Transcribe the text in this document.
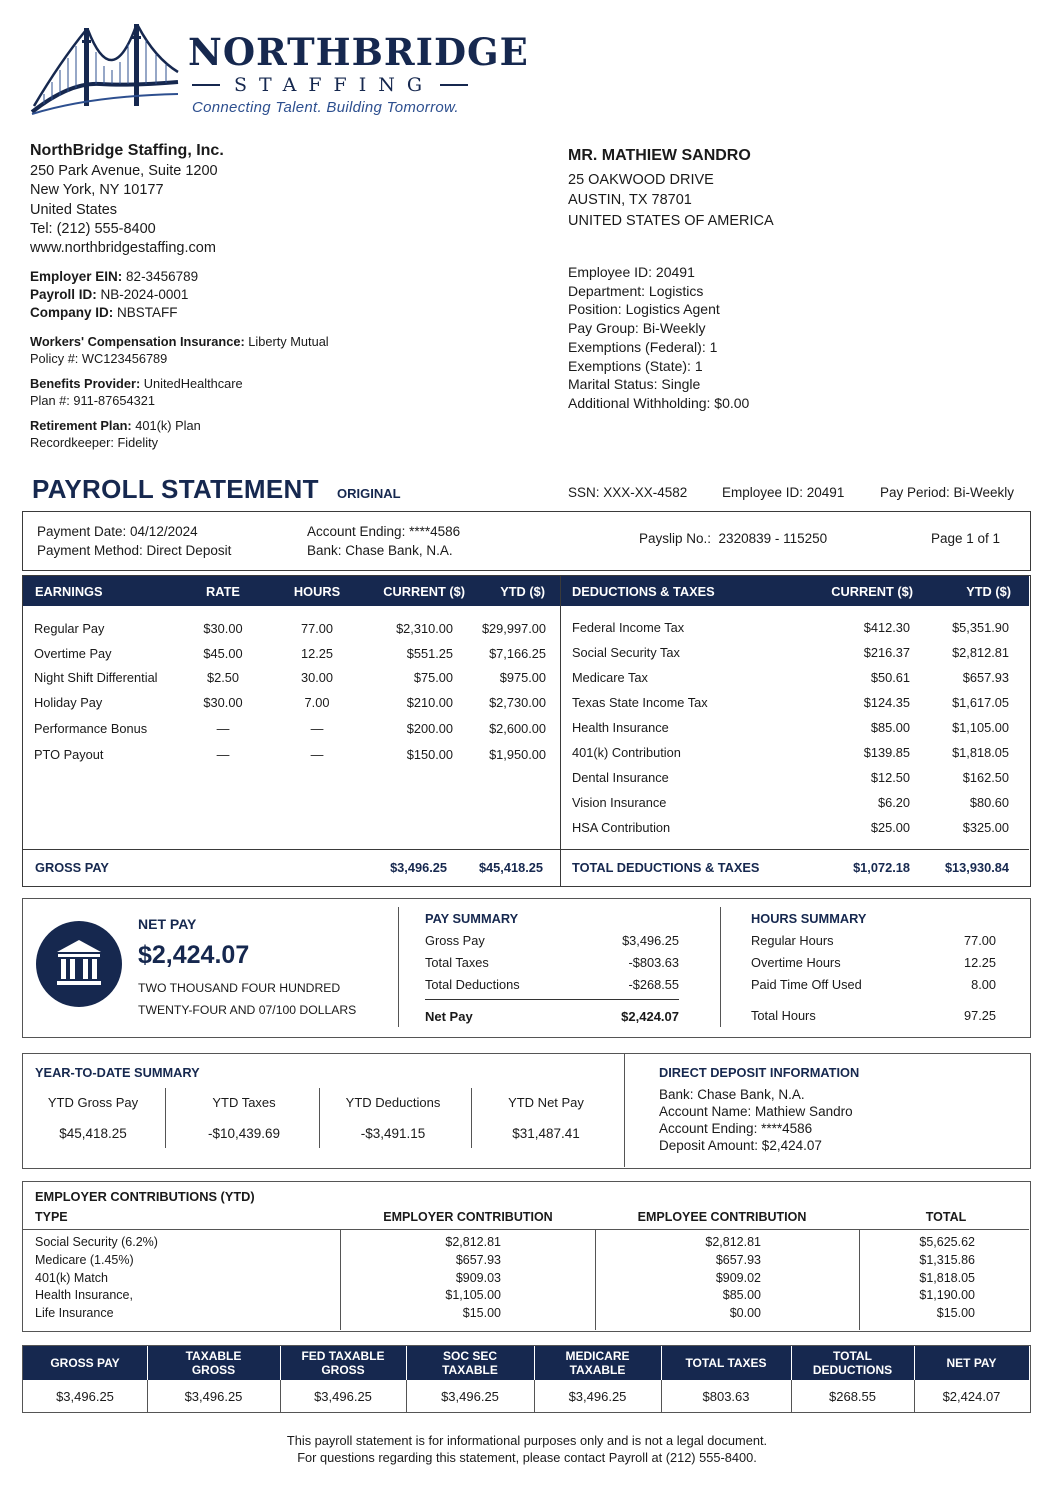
NORTHBRIDGE
STAFFING
Connecting Talent. Building Tomorrow.
NorthBridge Staffing, Inc.
250 Park Avenue, Suite 1200
New York, NY 10177
United States
Tel: (212) 555-8400
www.northbridgestaffing.com
Employer EIN: 82-3456789
Payroll ID: NB-2024-0001
Company ID: NBSTAFF
Workers' Compensation Insurance: Liberty Mutual
Policy #: WC123456789
Benefits Provider: UnitedHealthcare
Plan #: 911-87654321
Retirement Plan: 401(k) Plan
Recordkeeper: Fidelity
MR. MATHIEW SANDRO
25 OAKWOOD DRIVE
AUSTIN, TX 78701
UNITED STATES OF AMERICA
Employee ID: 20491
Department: Logistics
Position: Logistics Agent
Pay Group: Bi-Weekly
Exemptions (Federal): 1
Exemptions (State): 1
Marital Status: Single
Additional Withholding: $0.00
PAYROLL STATEMENT ORIGINAL	SSN: XXX-XX-4582	Employee ID: 20491	Pay Period: Bi-Weekly
Payment Date: 04/12/2024
Payment Method: Direct Deposit
Account Ending: ****4586
Bank: Chase Bank, N.A.
Payslip No.: 2320839 - 115250	Page 1 of 1
EARNINGS	RATE	HOURS	CURRENT ($)	YTD ($) DEDUCTIONS & TAXES	CURRENT ($)	YTD ($)
Regular Pay	$30.00	77.00	$2,310.00	$29,997.00
Overtime Pay	$45.00	12.25	$551.25	$7,166.25
Night Shift Differential	$2.50	30.00	$75.00	$975.00
Holiday Pay	$30.00	7.00	$210.00	$2,730.00
Performance Bonus	—	—	$200.00	$2,600.00
PTO Payout	—	—	$150.00	$1,950.00
Federal Income Tax	$412.30	$5,351.90
Social Security Tax	$216.37	$2,812.81
Medicare Tax	$50.61	$657.93
Texas State Income Tax	$124.35	$1,617.05
Health Insurance	$85.00	$1,105.00
401(k) Contribution	$139.85	$1,818.05
Dental Insurance	$12.50	$162.50
Vision Insurance	$6.20	$80.60
HSA Contribution	$25.00	$325.00
GROSS PAY	$3,496.25	$45,418.25 TOTAL DEDUCTIONS & TAXES	$1,072.18	$13,930.84
NET PAY
$2,424.07
TWO THOUSAND FOUR HUNDRED
TWENTY-FOUR AND 07/100 DOLLARS
PAY SUMMARY
Gross Pay	$3,496.25
Total Taxes	-$803.63
Total Deductions	-$268.55
Net Pay	$2,424.07
HOURS SUMMARY
Regular Hours	77.00
Overtime Hours	12.25
Paid Time Off Used	8.00
Total Hours	97.25
YEAR-TO-DATE SUMMARY
YTD Gross Pay
$45,418.25
YTD Taxes
-$10,439.69
YTD Deductions
-$3,491.15
YTD Net Pay
$31,487.41
DIRECT DEPOSIT INFORMATION
Bank: Chase Bank, N.A.
Account Name: Mathiew Sandro
Account Ending: ****4586
Deposit Amount: $2,424.07
EMPLOYER CONTRIBUTIONS (YTD)
TYPE	EMPLOYER CONTRIBUTION	EMPLOYEE CONTRIBUTION	TOTAL
Social Security (6.2%)	$2,812.81	$2,812.81	$5,625.62
Medicare (1.45%)	$657.93	$657.93	$1,315.86
401(k) Match	$909.03	$909.02	$1,818.05
Health Insurance,	$1,105.00	$85.00	$1,190.00
Life Insurance	$15.00	$0.00	$15.00
GROSS PAY
$3,496.25
TAXABLE GROSS
$3,496.25
FED TAXABLE GROSS
$3,496.25
SOC SEC TAXABLE
$3,496.25
MEDICARE TAXABLE
$3,496.25
TOTAL TAXES
$803.63
TOTAL DEDUCTIONS
$268.55
NET PAY
$2,424.07
This payroll statement is for informational purposes only and is not a legal document.
For questions regarding this statement, please contact Payroll at (212) 555-8400.
